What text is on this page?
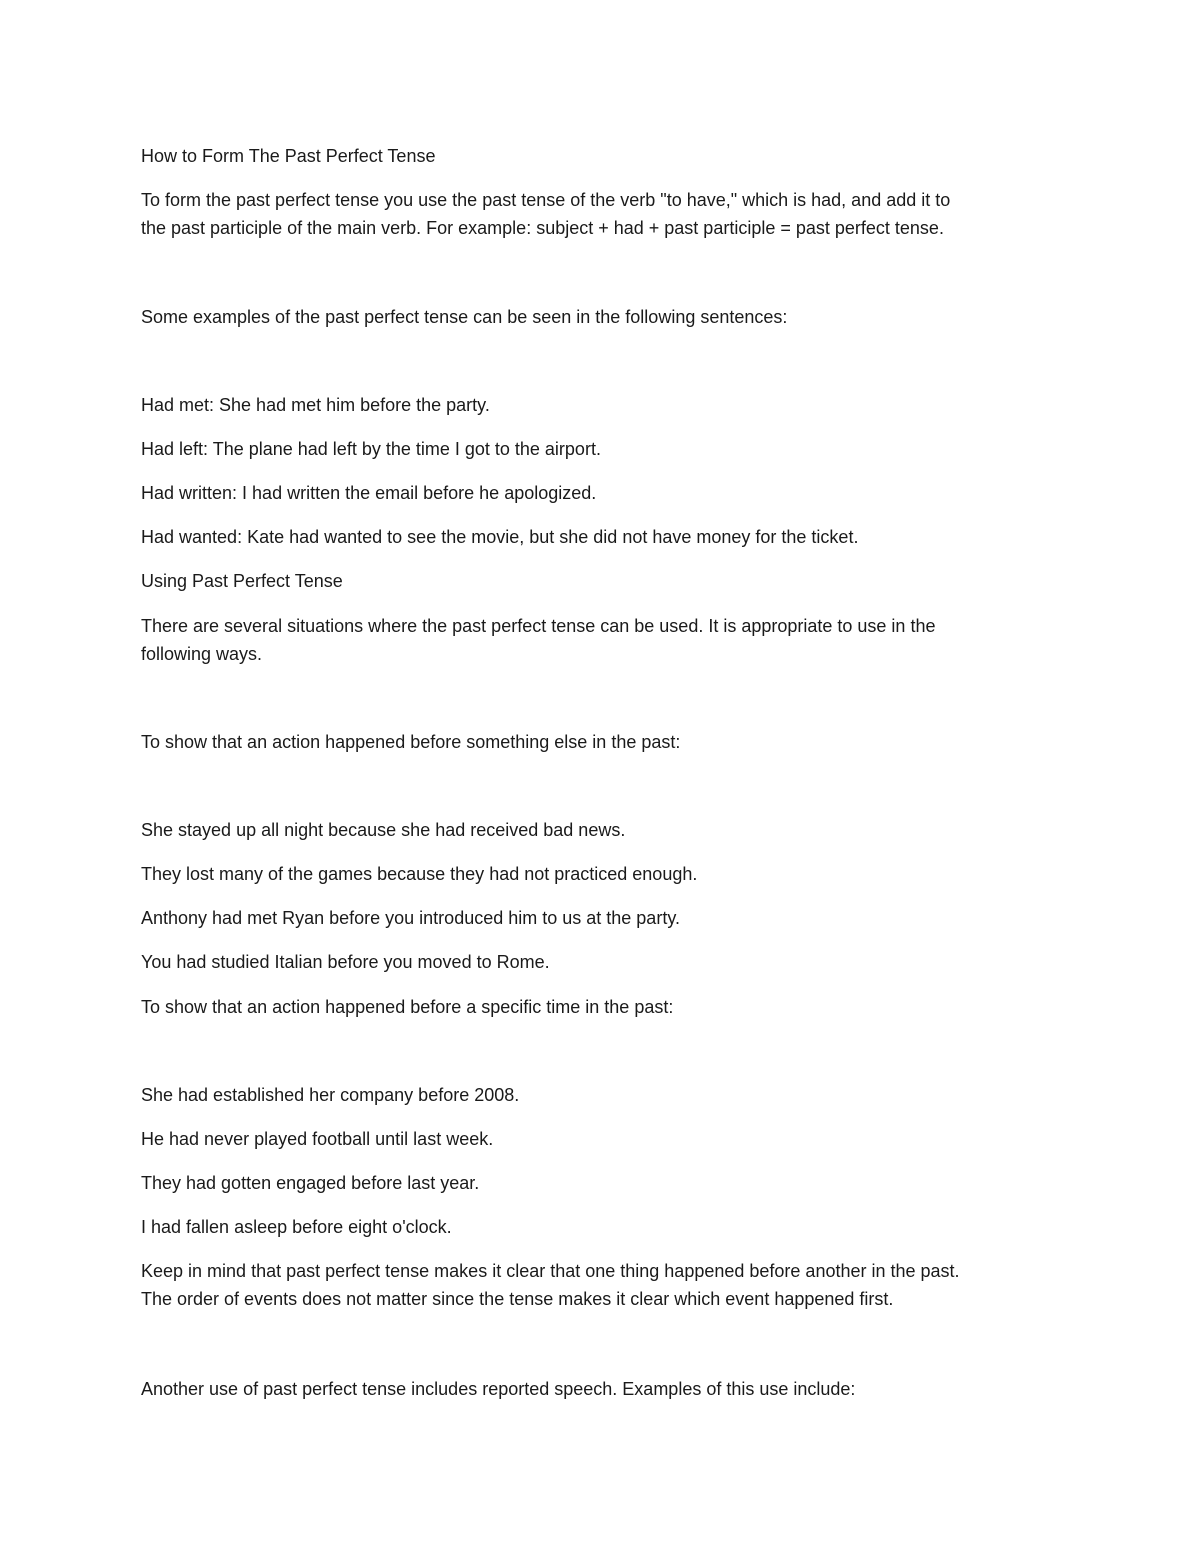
How to Form The Past Perfect Tense

To form the past perfect tense you use the past tense of the verb "to have," which is had, and add it to

the past participle of the main verb. For example: subject + had + past participle = past perfect tense.

Some examples of the past perfect tense can be seen in the following sentences:

Had met: She had met him before the party.

Had left: The plane had left by the time I got to the airport.

Had written: I had written the email before he apologized.

Had wanted: Kate had wanted to see the movie, but she did not have money for the ticket.

Using Past Perfect Tense

There are several situations where the past perfect tense can be used. It is appropriate to use in the

following ways.

To show that an action happened before something else in the past:

She stayed up all night because she had received bad news.

They lost many of the games because they had not practiced enough.

Anthony had met Ryan before you introduced him to us at the party.

You had studied Italian before you moved to Rome.

To show that an action happened before a specific time in the past:

She had established her company before 2008.

He had never played football until last week.

They had gotten engaged before last year.

I had fallen asleep before eight o'clock.

Keep in mind that past perfect tense makes it clear that one thing happened before another in the past.

The order of events does not matter since the tense makes it clear which event happened first.

Another use of past perfect tense includes reported speech. Examples of this use include:
